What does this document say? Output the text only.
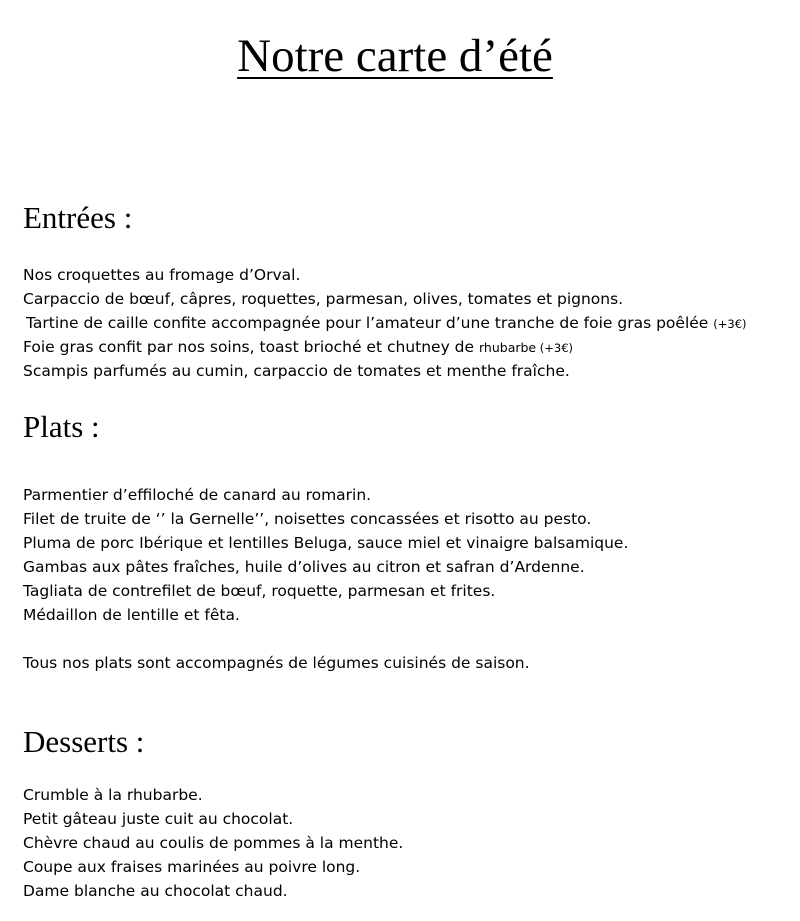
Notre carte d’été
Entrées :
Nos croquettes au fromage d’Orval.
Carpaccio de bœuf, câpres, roquettes, parmesan, olives, tomates et pignons.
Tartine de caille confite accompagnée pour l’amateur d’une tranche de foie gras poêlée (+3€)
Foie gras confit par nos soins, toast brioché et chutney de rhubarbe (+3€)
Scampis parfumés au cumin, carpaccio de tomates et menthe fraîche.
Plats :
Parmentier d’effiloché de canard au romarin.
Filet de truite de ‘’ la Gernelle’’, noisettes concassées et risotto au pesto.
Pluma de porc Ibérique et lentilles Beluga, sauce miel et vinaigre balsamique.
Gambas aux pâtes fraîches, huile d’olives au citron et safran d’Ardenne.
Tagliata de contrefilet de bœuf, roquette, parmesan et frites.
Médaillon de lentille et fêta.

Tous nos plats sont accompagnés de légumes cuisinés de saison.

Desserts :
Crumble à la rhubarbe.
Petit gâteau juste cuit au chocolat.
Chèvre chaud au coulis de pommes à la menthe.
Coupe aux fraises marinées au poivre long.
Dame blanche au chocolat chaud.
